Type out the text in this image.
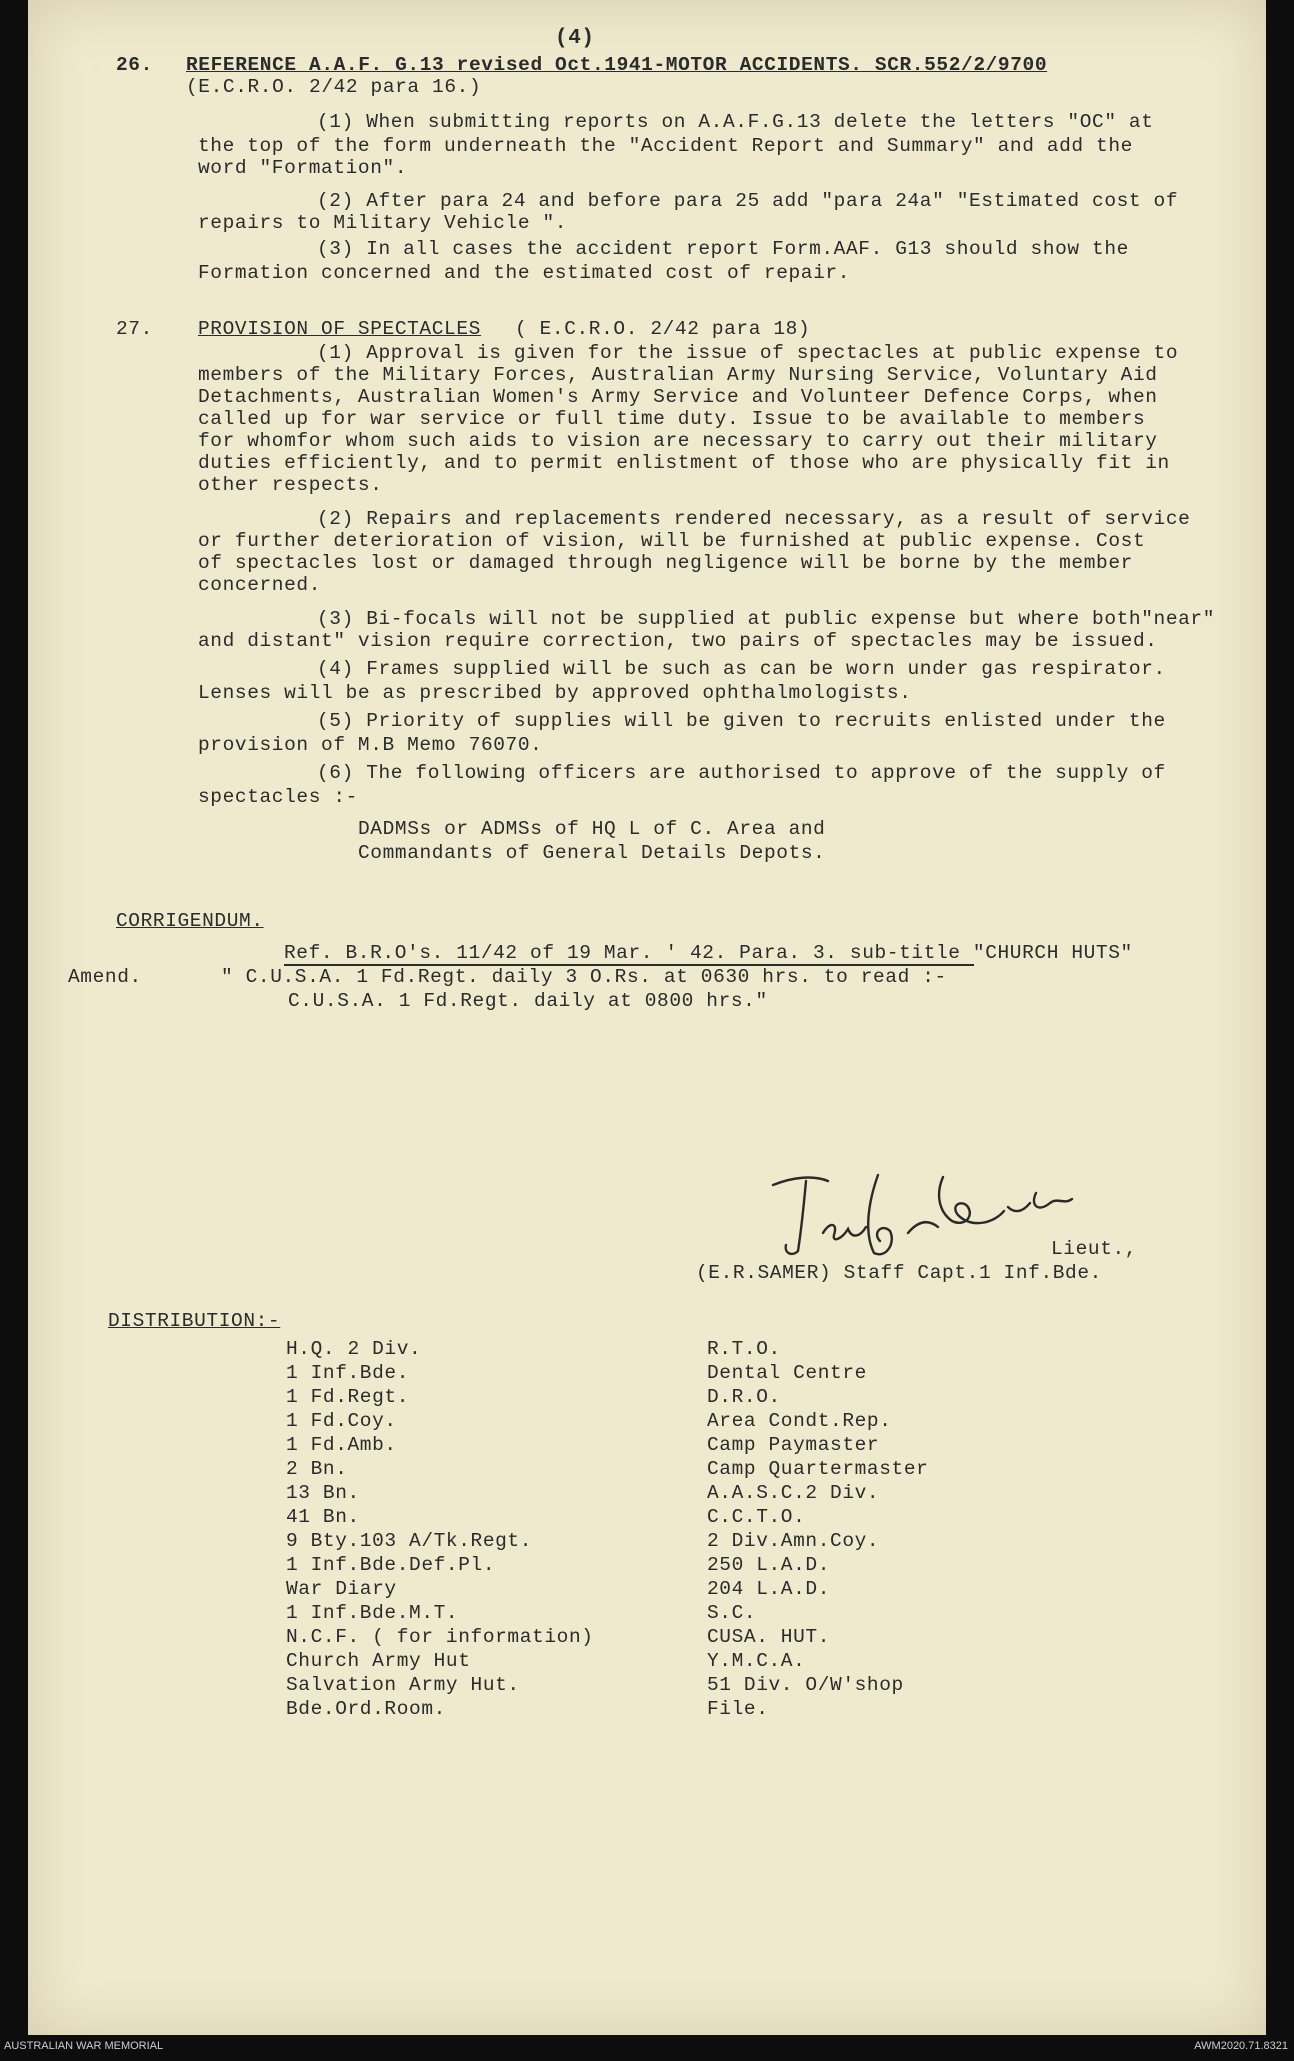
(4)
26. REFERENCE A.A.F. G.13 revised Oct.1941-MOTOR ACCIDENTS. SCR.552/2/9700
(E.C.R.O. 2/42 para 16.)
(1) When submitting reports on A.A.F.G.13 delete the letters "OC" at
the top of the form underneath the "Accident Report and Summary" and add the
word "Formation".
(2) After para 24 and before para 25 add "para 24a" "Estimated cost of
repairs to Military Vehicle ".
(3) In all cases the accident report Form.AAF. G13 should show the
Formation concerned and the estimated cost of repair.
27. PROVISION OF SPECTACLES ( E.C.R.O. 2/42 para 18)
(1) Approval is given for the issue of spectacles at public expense to
members of the Military Forces, Australian Army Nursing Service, Voluntary Aid
Detachments, Australian Women's Army Service and Volunteer Defence Corps, when
called up for war service or full time duty. Issue to be available to members
for whomfor whom such aids to vision are necessary to carry out their military
duties efficiently, and to permit enlistment of those who are physically fit in
other respects.
(2) Repairs and replacements rendered necessary, as a result of service
or further deterioration of vision, will be furnished at public expense. Cost
of spectacles lost or damaged through negligence will be borne by the member
concerned.
(3) Bi-focals will not be supplied at public expense but where both"near"
and distant" vision require correction, two pairs of spectacles may be issued.
(4) Frames supplied will be such as can be worn under gas respirator.
Lenses will be as prescribed by approved ophthalmologists.
(5) Priority of supplies will be given to recruits enlisted under the
provision of M.B Memo 76070.
(6) The following officers are authorised to approve of the supply of
spectacles :-
DADMSs or ADMSs of HQ L of C. Area and
Commandants of General Details Depots.
CORRIGENDUM.
Ref. B.R.O's. 11/42 of 19 Mar. ' 42. Para. 3. sub-title "CHURCH HUTS"
Amend.	" C.U.S.A. 1 Fd.Regt. daily 3 O.Rs. at 0630 hrs. to read :-
C.U.S.A. 1 Fd.Regt. daily at 0800 hrs."
Lieut.,
(E.R.SAMER) Staff Capt.1 Inf.Bde.
DISTRIBUTION:-
H.Q. 2 Div.
1 Inf.Bde.
1 Fd.Regt.
1 Fd.Coy.
1 Fd.Amb.
2 Bn.
13 Bn.
41 Bn.
9 Bty.103 A/Tk.Regt.
1 Inf.Bde.Def.Pl.
War Diary
1 Inf.Bde.M.T.
N.C.F. ( for information)
Church Army Hut
Salvation Army Hut.
Bde.Ord.Room.
R.T.O.
Dental Centre
D.R.O.
Area Condt.Rep.
Camp Paymaster
Camp Quartermaster
A.A.S.C.2 Div.
C.C.T.O.
2 Div.Amn.Coy.
250 L.A.D.
204 L.A.D.
S.C.
CUSA. HUT.
Y.M.C.A.
51 Div. O/W'shop
File.
AUSTRALIAN WAR MEMORIAL	AWM2020.71.8321
